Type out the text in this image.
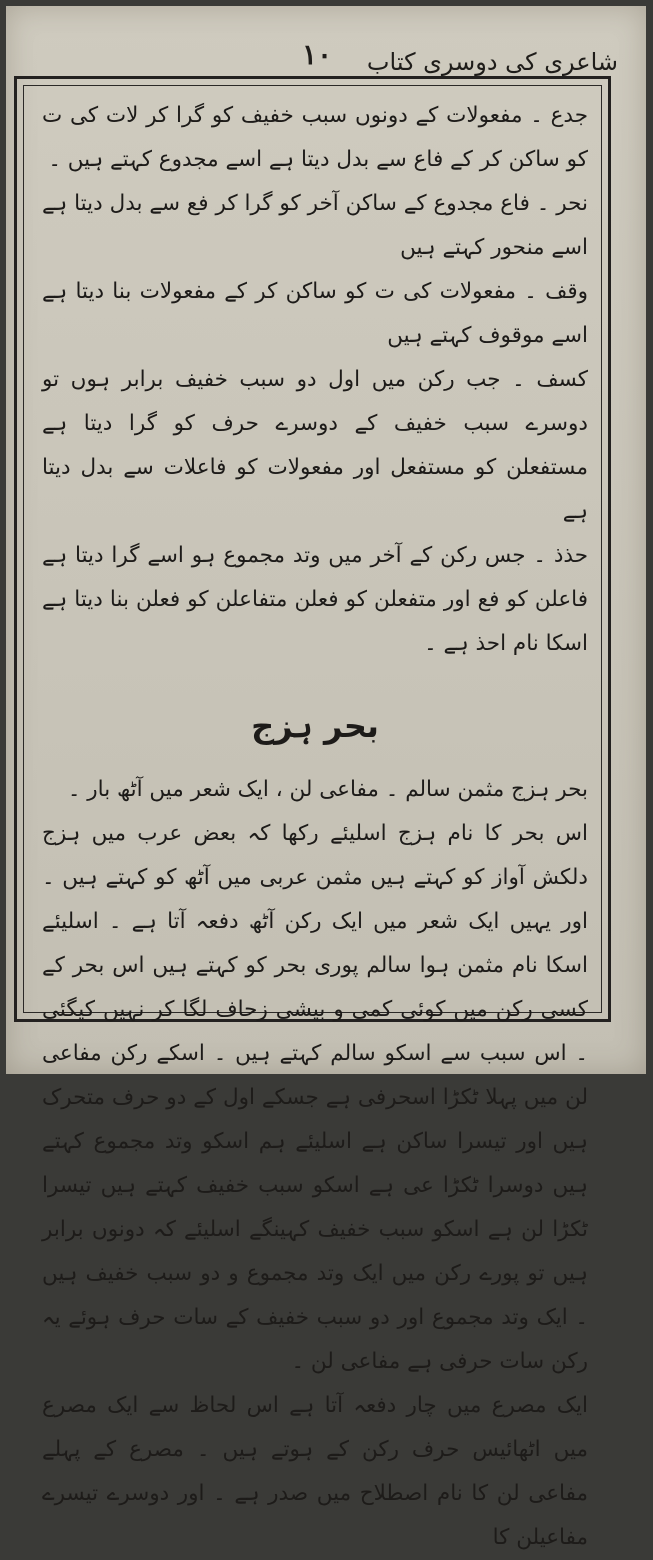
شاعری کی دوسری کتاب
۱۰

جدع ۔ مفعولات کے دونوں سبب خفیف کو گرا کر لات کی ت کو ساکن کر کے فاع سے بدل دیتا ہے اسے مجدوع کہتے ہیں ۔

نحر ۔ فاع مجدوع کے ساکن آخر کو گرا کر فع سے بدل دیتا ہے اسے منحور کہتے ہیں

وقف ۔ مفعولات کی ت کو ساکن کر کے مفعولات بنا دیتا ہے اسے موقوف کہتے ہیں

کسف ۔ جب رکن میں اول دو سبب خفیف برابر ہوں تو دوسرے سبب خفیف کے دوسرے حرف کو گرا دیتا ہے مستفعلن کو مستفعل اور مفعولات کو فاعلات سے بدل دیتا ہے

حذذ ۔ جس رکن کے آخر میں وتد مجموع ہو اسے گرا دیتا ہے فاعلن کو فع اور متفعلن کو فعلن متفاعلن کو فعلن بنا دیتا ہے اسکا نام احذ ہے ۔

بحر ہزج

بحر ہزج مثمن سالم ۔ مفاعی لن ، ایک شعر میں آٹھ بار ۔

اس بحر کا نام ہزج اسلیئے رکھا کہ بعض عرب میں ہزج دلکش آواز کو کہتے ہیں مثمن عربی میں آٹھ کو کہتے ہیں ۔ اور یہیں ایک شعر میں ایک رکن آٹھ دفعہ آتا ہے ۔ اسلیئے اسکا نام مثمن ہوا سالم پوری بحر کو کہتے ہیں اس بحر کے کسی رکن میں کوئی کمی و بیشی زحاف لگا کر نہیں کیگئی ۔ اس سبب سے اسکو سالم کہتے ہیں ۔ اسکے رکن مفاعی لن میں پہلا ٹکڑا اسحرفی ہے جسکے اول کے دو حرف متحرک ہیں اور تیسرا ساکن ہے اسلیئے ہم اسکو وتد مجموع کہتے ہیں دوسرا ٹکڑا عی ہے اسکو سبب خفیف کہتے ہیں تیسرا ٹکڑا لن ہے اسکو سبب خفیف کہینگے اسلیئے کہ دونوں برابر ہیں تو پورے رکن میں ایک وتد مجموع و دو سبب خفیف ہیں ۔ ایک وتد مجموع اور دو سبب خفیف کے سات حرف ہوئے یہ رکن سات حرفی ہے مفاعی لن ۔

ایک مصرع میں چار دفعہ آتا ہے اس لحاظ سے ایک مصرع میں اٹھائیس حرف رکن کے ہوتے ہیں ۔ مصرع کے پہلے مفاعی لن کا نام اصطلاح میں صدر ہے ۔ اور دوسرے تیسرے مفاعیلن کا
